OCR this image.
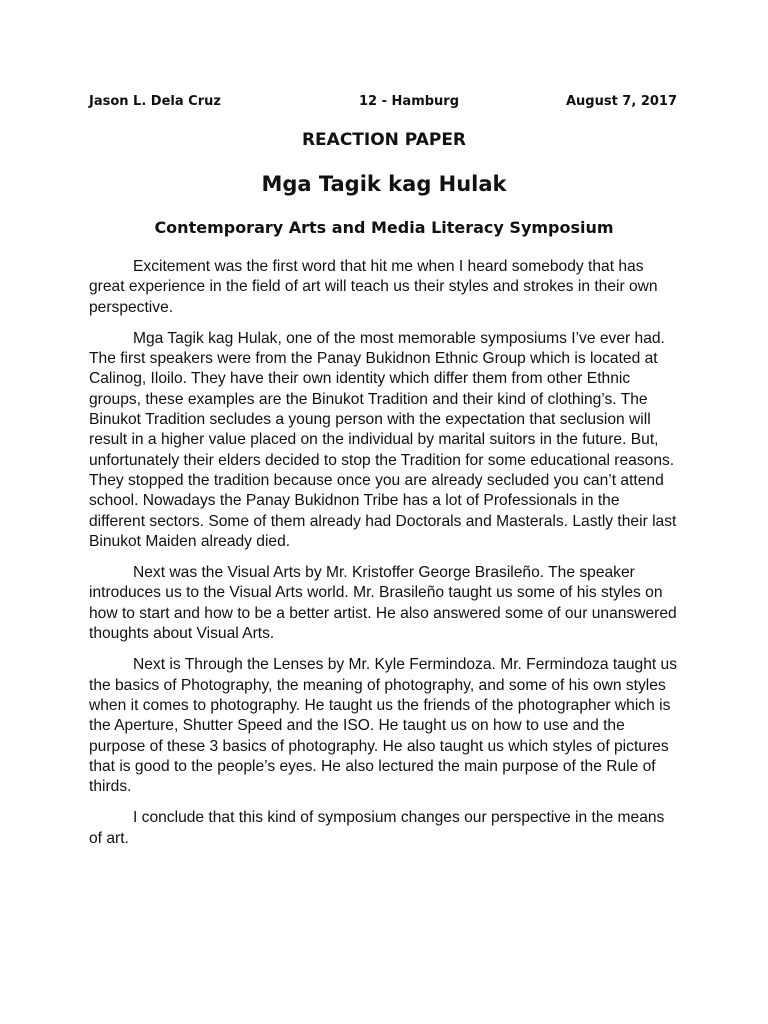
Jason L. Dela Cruz	12 - Hamburg	August 7, 2017
REACTION PAPER
Mga Tagik kag Hulak
Contemporary Arts and Media Literacy Symposium

Excitement was the first word that hit me when I heard somebody that has great experience in the field of art will teach us their styles and strokes in their own perspective.

Mga Tagik kag Hulak, one of the most memorable symposiums I’ve ever had. The first speakers were from the Panay Bukidnon Ethnic Group which is located at Calinog, Iloilo. They have their own identity which differ them from other Ethnic groups, these examples are the Binukot Tradition and their kind of clothing’s. The Binukot Tradition secludes a young person with the expectation that seclusion will result in a higher value placed on the individual by marital suitors in the future. But, unfortunately their elders decided to stop the Tradition for some educational reasons. They stopped the tradition because once you are already secluded you can’t attend school. Nowadays the Panay Bukidnon Tribe has a lot of Professionals in the different sectors. Some of them already had Doctorals and Masterals. Lastly their last Binukot Maiden already died.

Next was the Visual Arts by Mr. Kristoffer George Brasileño. The speaker introduces us to the Visual Arts world. Mr. Brasileño taught us some of his styles on how to start and how to be a better artist. He also answered some of our unanswered thoughts about Visual Arts.

Next is Through the Lenses by Mr. Kyle Fermindoza. Mr. Fermindoza taught us the basics of Photography, the meaning of photography, and some of his own styles when it comes to photography. He taught us the friends of the photographer which is the Aperture, Shutter Speed and the ISO. He taught us on how to use and the purpose of these 3 basics of photography. He also taught us which styles of pictures that is good to the people’s eyes. He also lectured the main purpose of the Rule of thirds.

I conclude that this kind of symposium changes our perspective in the means of art.
